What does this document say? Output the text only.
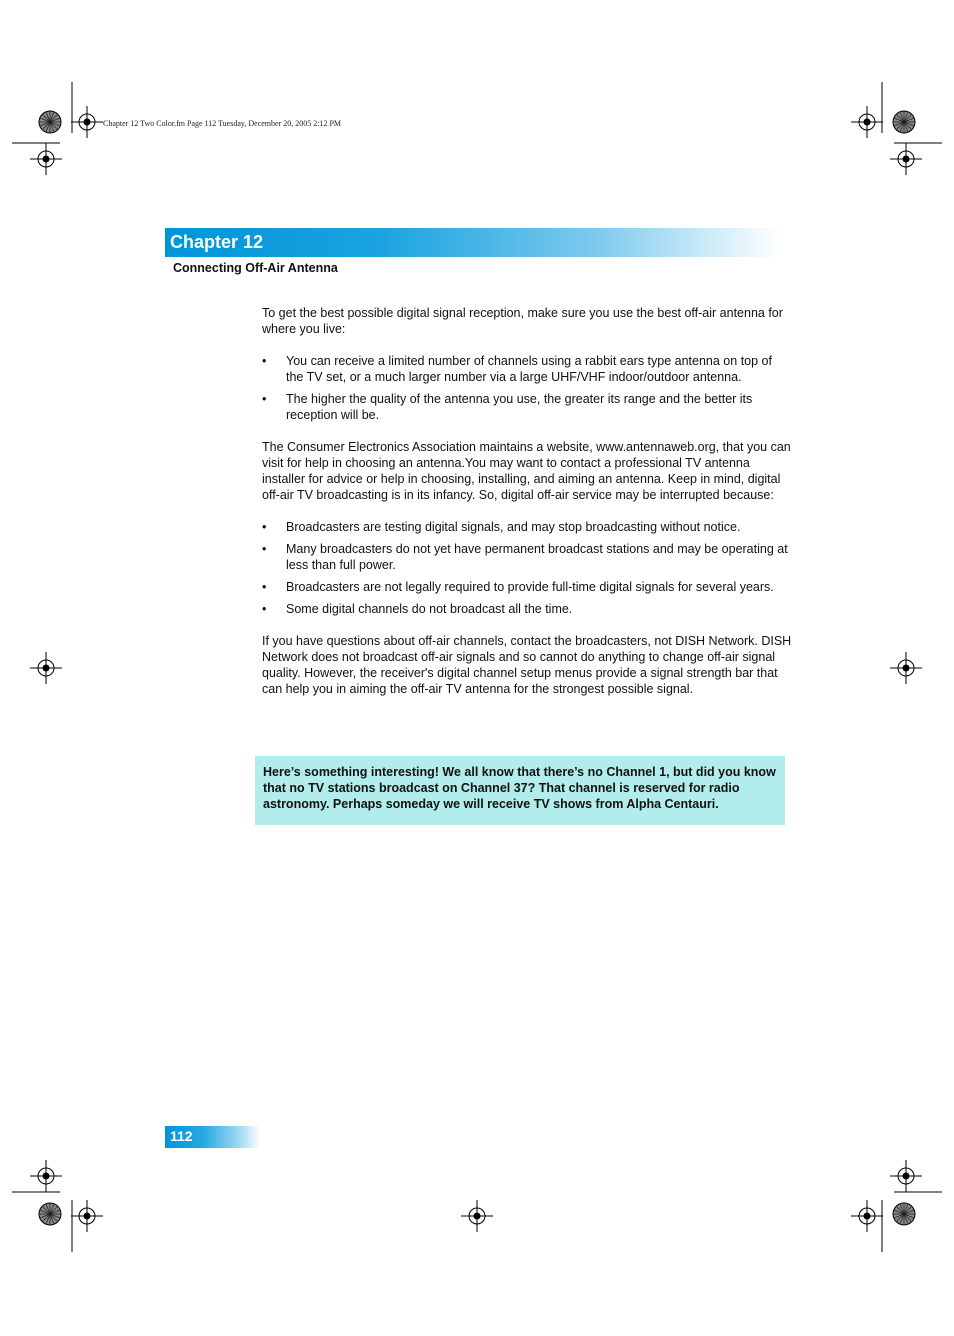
Chapter 12 Two Color.fm Page 112 Tuesday, December 20, 2005 2:12 PM
Chapter 12
Connecting Off-Air Antenna

To get the best possible digital signal reception, make sure you use the best off-air antenna for where you live:

• You can receive a limited number of channels using a rabbit ears type antenna on top of the TV set, or a much larger number via a large UHF/VHF indoor/outdoor antenna.
• The higher the quality of the antenna you use, the greater its range and the better its reception will be.

The Consumer Electronics Association maintains a website, www.antennaweb.org, that you can visit for help in choosing an antenna.You may want to contact a professional TV antenna installer for advice or help in choosing, installing, and aiming an antenna. Keep in mind, digital off-air TV broadcasting is in its infancy. So, digital off-air service may be interrupted because:

• Broadcasters are testing digital signals, and may stop broadcasting without notice.
• Many broadcasters do not yet have permanent broadcast stations and may be operating at less than full power.
• Broadcasters are not legally required to provide full-time digital signals for several years.
• Some digital channels do not broadcast all the time.

If you have questions about off-air channels, contact the broadcasters, not DISH Network. DISH Network does not broadcast off-air signals and so cannot do anything to change off-air signal quality. However, the receiver's digital channel setup menus provide a signal strength bar that can help you in aiming the off-air TV antenna for the strongest possible signal.

Here’s something interesting! We all know that there’s no Channel 1, but did you know that no TV stations broadcast on Channel 37? That channel is reserved for radio astronomy. Perhaps someday we will receive TV shows from Alpha Centauri.
112
